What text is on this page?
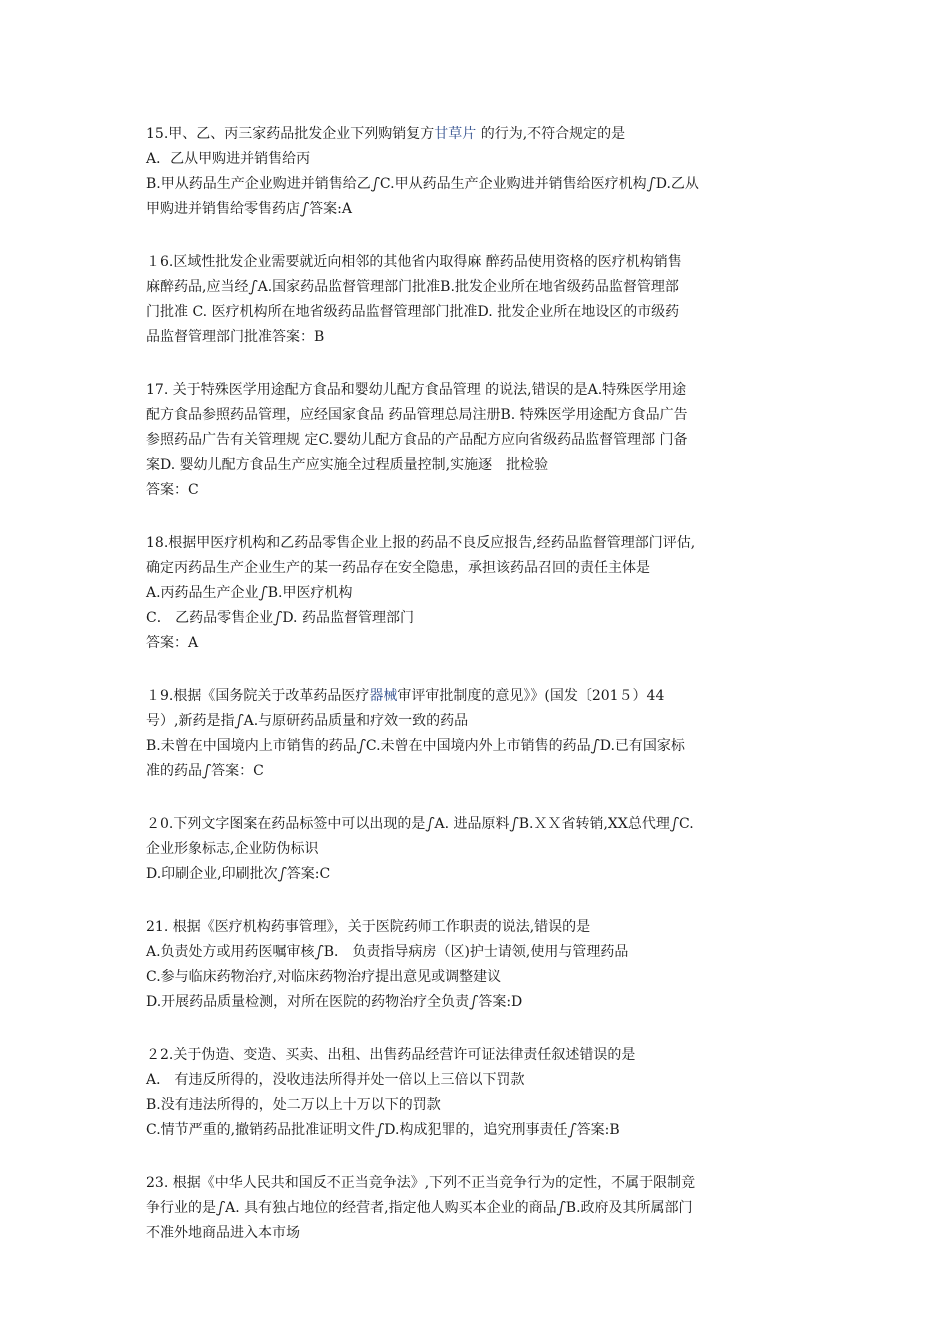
15.甲、乙、丙三家药品批发企业下列购销复方甘草片 的行为,不符合规定的是
A．乙从甲购进并销售给丙
B.甲从药品生产企业购进并销售给乙ഽC.甲从药品生产企业购进并销售给医疗机构ഽD.乙从
甲购进并销售给零售药店ഽ答案:A
１6.区域性批发企业需要就近向相邻的其他省内取得麻 醉药品使用资格的医疗机构销售
麻醉药品,应当经ഽA.国家药品监督管理部门批准B.批发企业所在地省级药品监督管理部
门批准 C. 医疗机构所在地省级药品监督管理部门批准D. 批发企业所在地设区的市级药
品监督管理部门批准答案：B
17. 关于特殊医学用途配方食品和婴幼儿配方食品管理 的说法,错误的是A.特殊医学用途
配方食品参照药品管理，应经国家食品 药品管理总局注册B. 特殊医学用途配方食品广告
参照药品广告有关管理规 定C.婴幼儿配方食品的产品配方应向省级药品监督管理部 门备
案D. 婴幼儿配方食品生产应实施全过程质量控制,实施逐　批检验
答案：C
18.根据甲医疗机构和乙药品零售企业上报的药品不良反应报告,经药品监督管理部门评估,
确定丙药品生产企业生产的某一药品存在安全隐患，承担该药品召回的责任主体是
A.丙药品生产企业ഽB.甲医疗机构
C． 乙药品零售企业ഽD. 药品监督管理部门
答案：A
１9.根据《国务院关于改革药品医疗器械审评审批制度的意见》》(国发〔201５）44
号）,新药是指ഽA.与原研药品质量和疗效一致的药品
B.未曾在中国境内上市销售的药品ഽC.未曾在中国境内外上市销售的药品ഽD.已有国家标
准的药品ഽ答案：C
２0.下列文字图案在药品标签中可以出现的是ഽA. 进品原料ഽB.ＸＸ省转销,XX总代理ഽC.
企业形象标志,企业防伪标识
D.印刷企业,印刷批次ഽ答案:C
21. 根据《医疗机构药事管理》，关于医院药师工作职责的说法,错误的是
A.负责处方或用药医嘱审核ഽB． 负责指导病房（区)护士请领,使用与管理药品
C.参与临床药物治疗,对临床药物治疗提出意见或调整建议
D.开展药品质量检测，对所在医院的药物治疗全负责ഽ答案:D
２2.关于伪造、变造、买卖、出租、出售药品经营许可证法律责任叙述错误的是
A． 有违反所得的，没收违法所得并处一倍以上三倍以下罚款
B.没有违法所得的，处二万以上十万以下的罚款
C.情节严重的,撤销药品批准证明文件ഽD.构成犯罪的，追究刑事责任ഽ答案:B
23. 根据《中华人民共和国反不正当竞争法》,下列不正当竞争行为的定性，不属于限制竞
争行业的是ഽA. 具有独占地位的经营者,指定他人购买本企业的商品ഽB.政府及其所属部门
不准外地商品进入本市场
